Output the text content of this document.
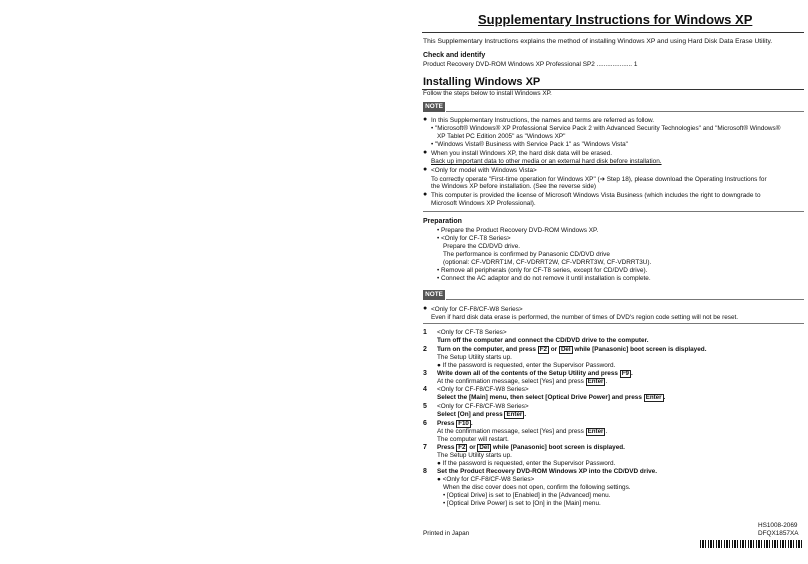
Supplementary Instructions for Windows XP
This Supplementary Instructions explains the method of installing Windows XP and using Hard Disk Data Erase Utility.
Check and identify
Product Recovery DVD-ROM Windows XP Professional SP2 .................... 1
Installing Windows XP
Follow the steps below to install Windows XP.
NOTE
● In this Supplementary Instructions, the names and terms are referred as follow.
• "Microsoft® Windows® XP Professional Service Pack 2 with Advanced Security Technologies" and "Microsoft® Windows®
XP Tablet PC Edition 2005" as "Windows XP"
• "Windows Vista® Business with Service Pack 1" as "Windows Vista"
● When you install Windows XP, the hard disk data will be erased.
Back up important data to other media or an external hard disk before installation.
● <Only for model with Windows Vista>
To correctly operate "First-time operation for Windows XP" (➔ Step 18), please download the Operating Instructions for
the Windows XP before installation. (See the reverse side)
● This computer is provided the license of Microsoft Windows Vista Business (which includes the right to downgrade to
Microsoft Windows XP Professional).
Preparation
• Prepare the Product Recovery DVD-ROM Windows XP.
• <Only for CF-T8 Series>
Prepare the CD/DVD drive.
The performance is confirmed by Panasonic CD/DVD drive
(optional: CF-VDRRT1M, CF-VDRRT2W, CF-VDRRT3W, CF-VDRRT3U).
• Remove all peripherals (only for CF-T8 series, except for CD/DVD drive).
• Connect the AC adaptor and do not remove it until installation is complete.
NOTE
● <Only for CF-F8/CF-W8 Series>
Even if hard disk data erase is performed, the number of times of DVD's region code setting will not be reset.
1 <Only for CF-T8 Series>
Turn off the computer and connect the CD/DVD drive to the computer.
2 Turn on the computer, and press F2 or Del while [Panasonic] boot screen is displayed.
The Setup Utility starts up.
● If the password is requested, enter the Supervisor Password.
3 Write down all of the contents of the Setup Utility and press F9 .
At the confirmation message, select [Yes] and press Enter .
4 <Only for CF-F8/CF-W8 Series>
Select the [Main] menu, then select [Optical Drive Power] and press Enter .
5 <Only for CF-F8/CF-W8 Series>
Select [On] and press Enter .
6 Press F10 .
At the confirmation message, select [Yes] and press Enter .
The computer will restart.
7 Press F2 or Del while [Panasonic] boot screen is displayed.
The Setup Utility starts up.
● If the password is requested, enter the Supervisor Password.
8 Set the Product Recovery DVD-ROM Windows XP into the CD/DVD drive.
● <Only for CF-F8/CF-W8 Series>
When the disc cover does not open, confirm the following settings.
• [Optical Drive] is set to [Enabled] in the [Advanced] menu.
• [Optical Drive Power] is set to [On] in the [Main] menu.
Printed in Japan
HS1008-2069
DFQX1857XA
